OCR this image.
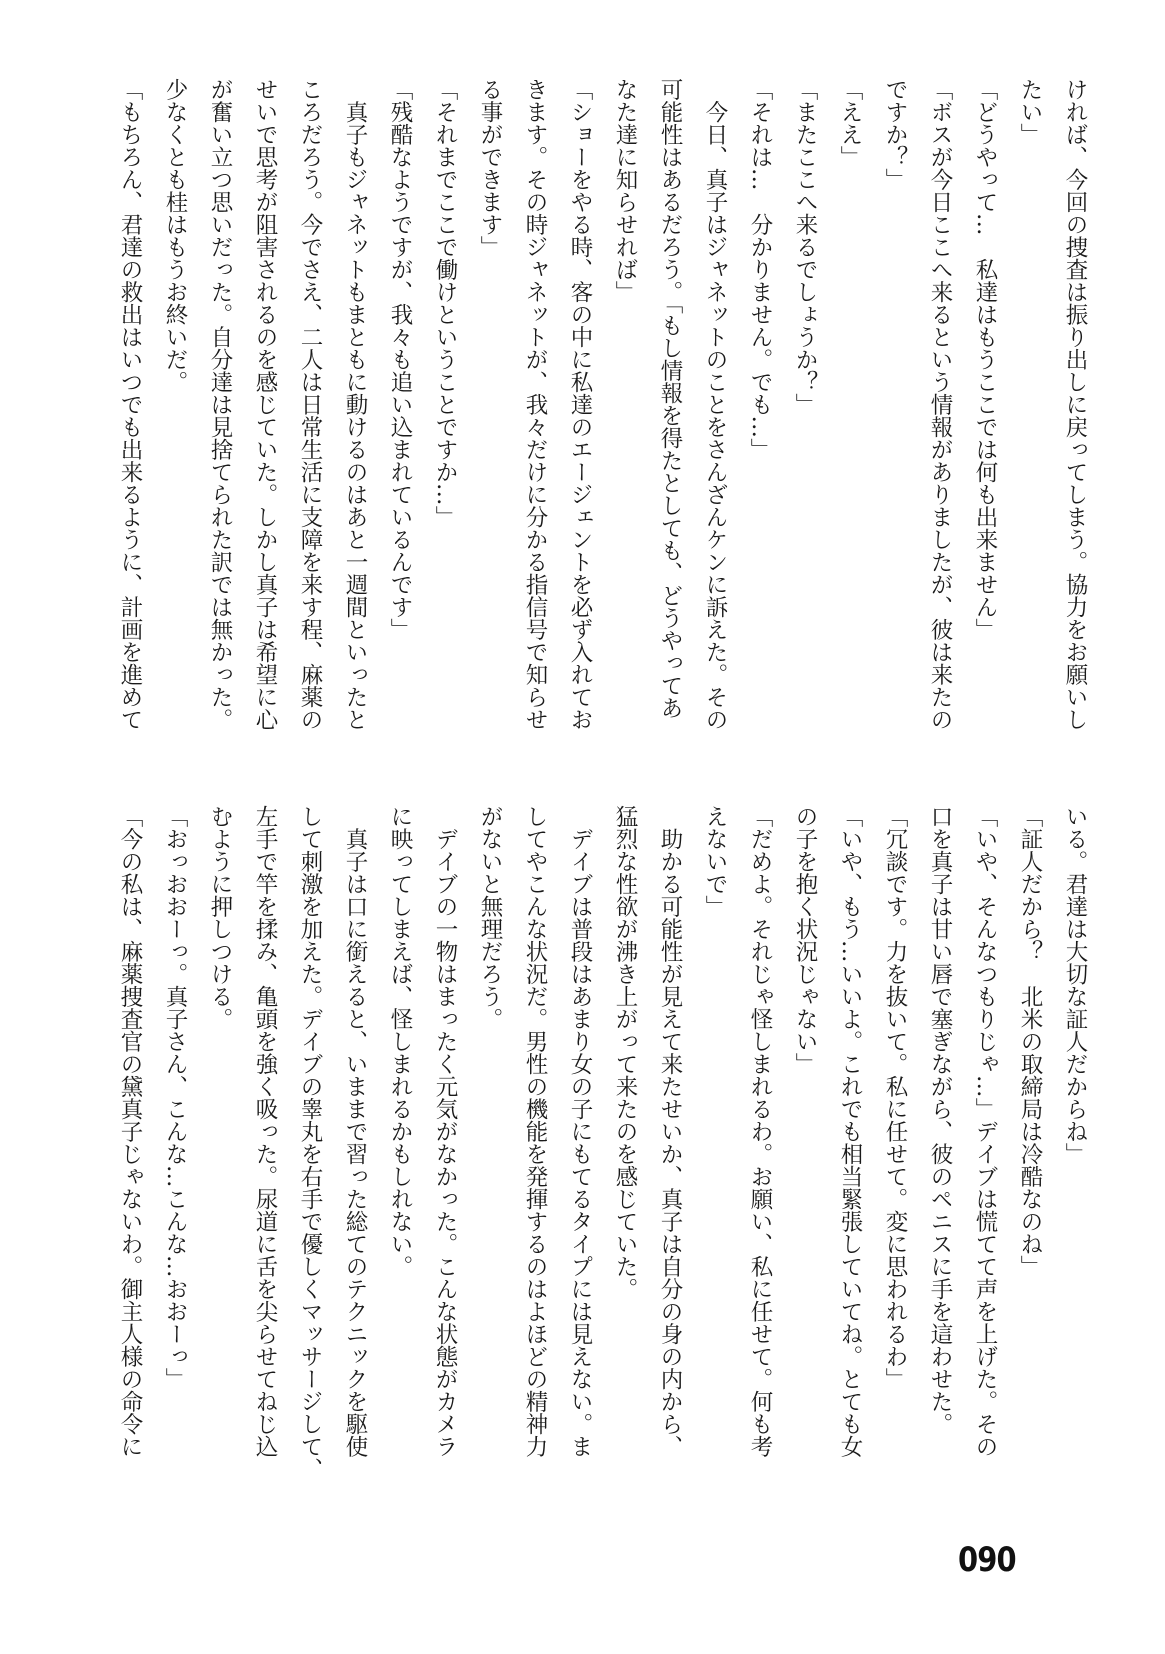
ければ、今回の捜査は振り出しに戻ってしまう。協力をお願いし
たい」
「どうやって…　私達はもうここでは何も出来ません」
「ボスが今日ここへ来るという情報がありましたが、彼は来たの
ですか？」
「ええ」
「またここへ来るでしょうか？」
「それは…　分かりません。でも…」
　今日、真子はジャネットのことをさんざんケンに訴えた。その
可能性はあるだろう。「もし情報を得たとしても、どうやってあ
なた達に知らせれば」
「ショーをやる時、客の中に私達のエージェントを必ず入れてお
きます。その時ジャネットが、我々だけに分かる指信号で知らせ
る事ができます」
「それまでここで働けということですか…」
「残酷なようですが、我々も追い込まれているんです」
　真子もジャネットもまともに動けるのはあと一週間といったと
ころだろう。今でさえ、二人は日常生活に支障を来す程、麻薬の
せいで思考が阻害されるのを感じていた。しかし真子は希望に心
が奮い立つ思いだった。自分達は見捨てられた訳では無かった。
少なくとも桂はもうお終いだ。
「もちろん、君達の救出はいつでも出来るように、計画を進めて
いる。君達は大切な証人だからね」
「証人だから？　北米の取締局は冷酷なのね」
「いや、そんなつもりじゃ…」デイブは慌てて声を上げた。その
口を真子は甘い唇で塞ぎながら、彼のペニスに手を這わせた。
「冗談です。力を抜いて。私に任せて。変に思われるわ」
「いや、もう…いいよ。これでも相当緊張していてね。とても女
の子を抱く状況じゃない」
「だめよ。それじゃ怪しまれるわ。お願い、私に任せて。何も考
えないで」
　助かる可能性が見えて来たせいか、真子は自分の身の内から、
猛烈な性欲が沸き上がって来たのを感じていた。
　デイブは普段はあまり女の子にもてるタイプには見えない。ま
してやこんな状況だ。男性の機能を発揮するのはよほどの精神力
がないと無理だろう。
　デイブの一物はまったく元気がなかった。こんな状態がカメラ
に映ってしまえば、怪しまれるかもしれない。
　真子は口に銜えると、いままで習った総てのテクニックを駆使
して刺激を加えた。デイブの睾丸を右手で優しくマッサージして、
左手で竿を揉み、亀頭を強く吸った。尿道に舌を尖らせてねじ込
むように押しつける。
「おっおおーっ。真子さん、こんな…こんな…おおーっ」
「今の私は、麻薬捜査官の黛真子じゃないわ。御主人様の命令に
090
